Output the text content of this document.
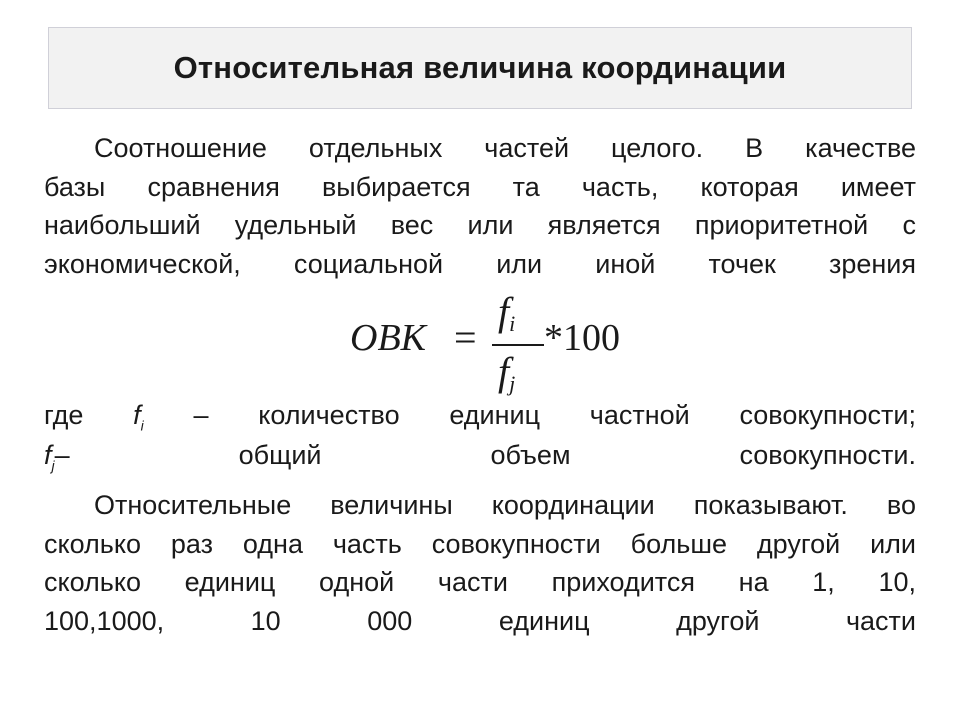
Относительная величина координации
Соотношение отдельных частей целого. В качестве
базы сравнения выбирается та часть, которая имеет
наибольший удельный вес или является приоритетной с
экономической, социальной или иной точек зрения
ОВК =
$f_i$
$f_j$
*100
где $f_i$ – количество единиц частной совокупности;
$f_j-$	общий	объем	совокупности.
Относительные величины координации показывают. во
сколько раз одна часть совокупности больше другой или
сколько единиц одной части приходится на 1, 10,
100,1000, 10 000 единиц другой части
